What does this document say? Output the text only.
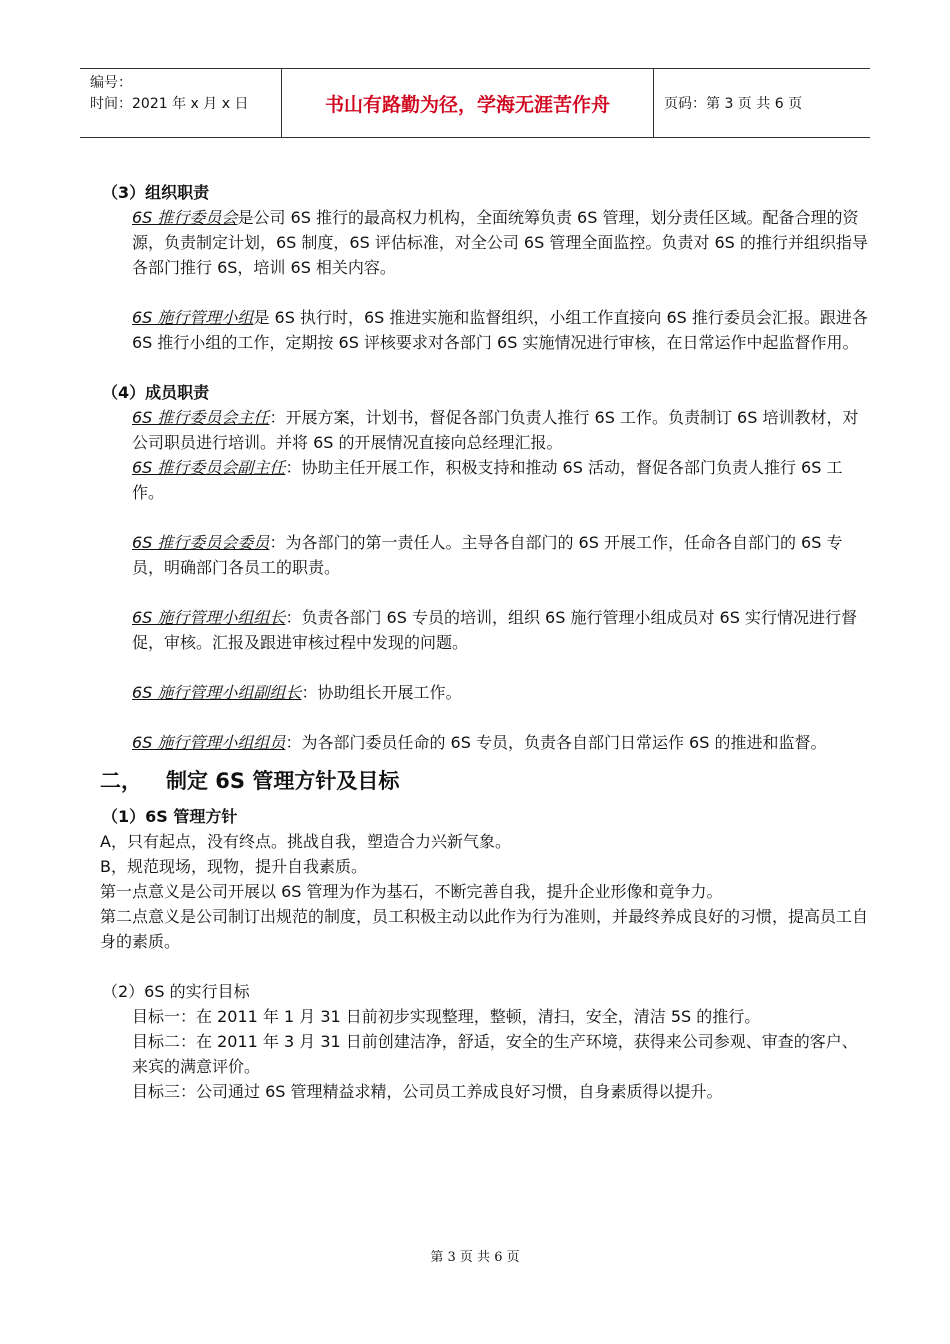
编号：
时间：2021 年 x 月 x 日	书山有路勤为径，学海无涯苦作舟	页码：第 3 页 共 6 页
（3）组织职责

6S 推行委员会是公司 6S 推行的最高权力机构，全面统筹负责 6S 管理，划分责任区域。配备合理的资源，负责制定计划，6S 制度，6S 评估标准，对全公司 6S 管理全面监控。负责对 6S 的推行并组织指导各部门推行 6S，培训 6S 相关内容。

6S 施行管理小组是 6S 执行时，6S 推进实施和监督组织，小组工作直接向 6S 推行委员会汇报。跟进各 6S 推行小组的工作，定期按 6S 评核要求对各部门 6S 实施情况进行审核，在日常运作中起监督作用。

（4）成员职责

6S 推行委员会主任：开展方案，计划书，督促各部门负责人推行 6S 工作。负责制订 6S 培训教材，对公司职员进行培训。并将 6S 的开展情况直接向总经理汇报。

6S 推行委员会副主任：协助主任开展工作，积极支持和推动 6S 活动，督促各部门负责人推行 6S 工作。

6S 推行委员会委员：为各部门的第一责任人。主导各自部门的 6S 开展工作，任命各自部门的 6S 专员，明确部门各员工的职责。

6S 施行管理小组组长：负责各部门 6S 专员的培训，组织 6S 施行管理小组成员对 6S 实行情况进行督促，审核。汇报及跟进审核过程中发现的问题。

6S 施行管理小组副组长：协助组长开展工作。

6S 施行管理小组组员：为各部门委员任命的 6S 专员，负责各自部门日常运作 6S 的推进和监督。

二，	制定 6S 管理方针及目标
（1）6S 管理方针

A，只有起点，没有终点。挑战自我，塑造合力兴新气象。

B，规范现场，现物，提升自我素质。

第一点意义是公司开展以 6S 管理为作为基石，不断完善自我，提升企业形像和竟争力。

第二点意义是公司制订出规范的制度，员工积极主动以此作为行为准则，并最终养成良好的习惯，提高员工自身的素质。

（2）6S 的实行目标

目标一：在 2011 年 1 月 31 日前初步实现整理，整顿，清扫，安全，清洁 5S 的推行。

目标二：在 2011 年 3 月 31 日前创建洁净，舒适，安全的生产环境，获得来公司参观、审查的客户、来宾的满意评价。

目标三：公司通过 6S 管理精益求精，公司员工养成良好习惯，自身素质得以提升。

第 3 页 共 6 页
